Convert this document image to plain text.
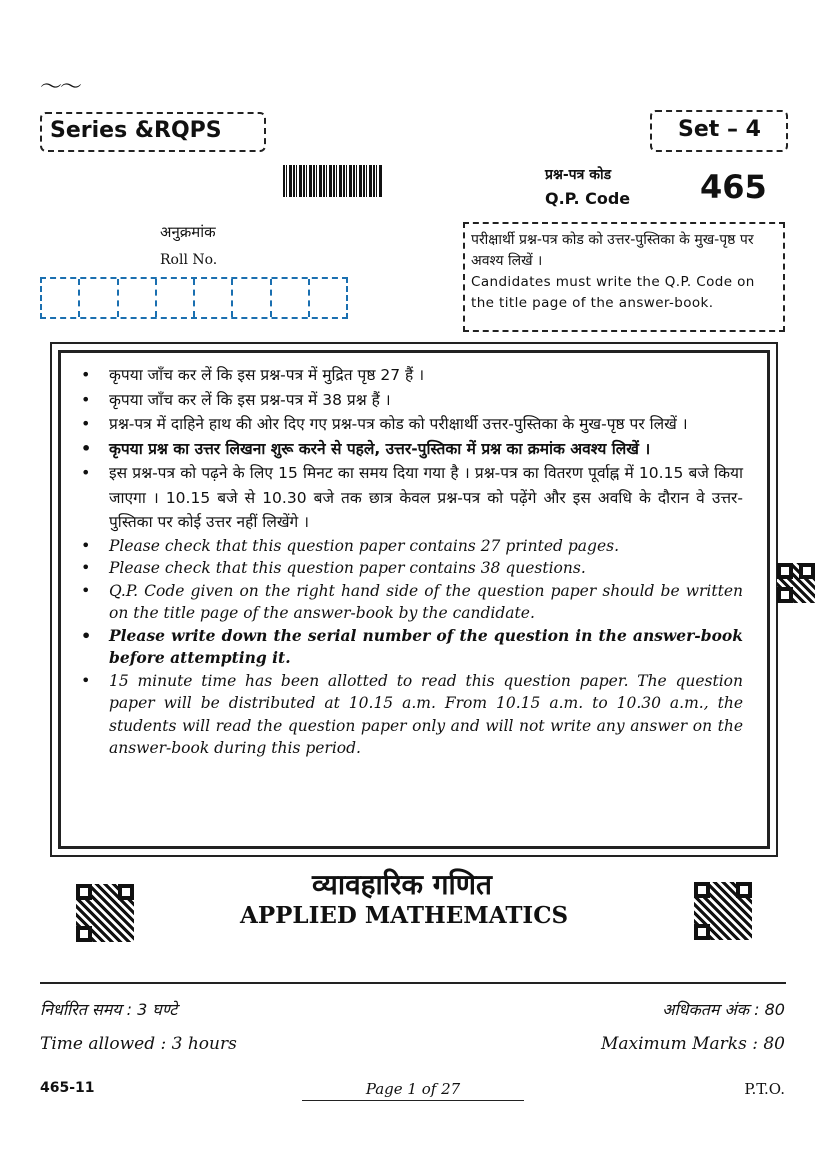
〜〜
Series &RQPS	Set – 4
प्रश्न-पत्र कोड
Q.P. Code 465
अनुक्रमांक
Roll No.
परीक्षार्थी प्रश्न-पत्र कोड को उत्तर-पुस्तिका के मुख-पृष्ठ पर अवश्य लिखें ।
Candidates must write the Q.P. Code on the title page of the answer-book.
• कृपया जाँच कर लें कि इस प्रश्न-पत्र में मुद्रित पृष्ठ 27 हैं ।
• कृपया जाँच कर लें कि इस प्रश्न-पत्र में 38 प्रश्न हैं ।
• प्रश्न-पत्र में दाहिने हाथ की ओर दिए गए प्रश्न-पत्र कोड को परीक्षार्थी उत्तर-पुस्तिका के मुख-पृष्ठ पर लिखें ।
• कृपया प्रश्न का उत्तर लिखना शुरू करने से पहले, उत्तर-पुस्तिका में प्रश्न का क्रमांक अवश्य लिखें ।
• इस प्रश्न-पत्र को पढ़ने के लिए 15 मिनट का समय दिया गया है । प्रश्न-पत्र का वितरण पूर्वाह्न में 10.15 बजे किया जाएगा । 10.15 बजे से 10.30 बजे तक छात्र केवल प्रश्न-पत्र को पढ़ेंगे और इस अवधि के दौरान वे उत्तर-पुस्तिका पर कोई उत्तर नहीं लिखेंगे ।
• Please check that this question paper contains 27 printed pages.
• Please check that this question paper contains 38 questions.
• Q.P. Code given on the right hand side of the question paper should be written on the title page of the answer-book by the candidate.
• Please write down the serial number of the question in the answer-book before attempting it.
• 15 minute time has been allotted to read this question paper. The question paper will be distributed at 10.15 a.m. From 10.15 a.m. to 10.30 a.m., the students will read the question paper only and will not write any answer on the answer-book during this period.
व्यावहारिक गणित
APPLIED MATHEMATICS
निर्धारित समय : 3 घण्टे	अधिकतम अंक : 80
Time allowed : 3 hours	Maximum Marks : 80
465-11	Page 1 of 27	P.T.O.
